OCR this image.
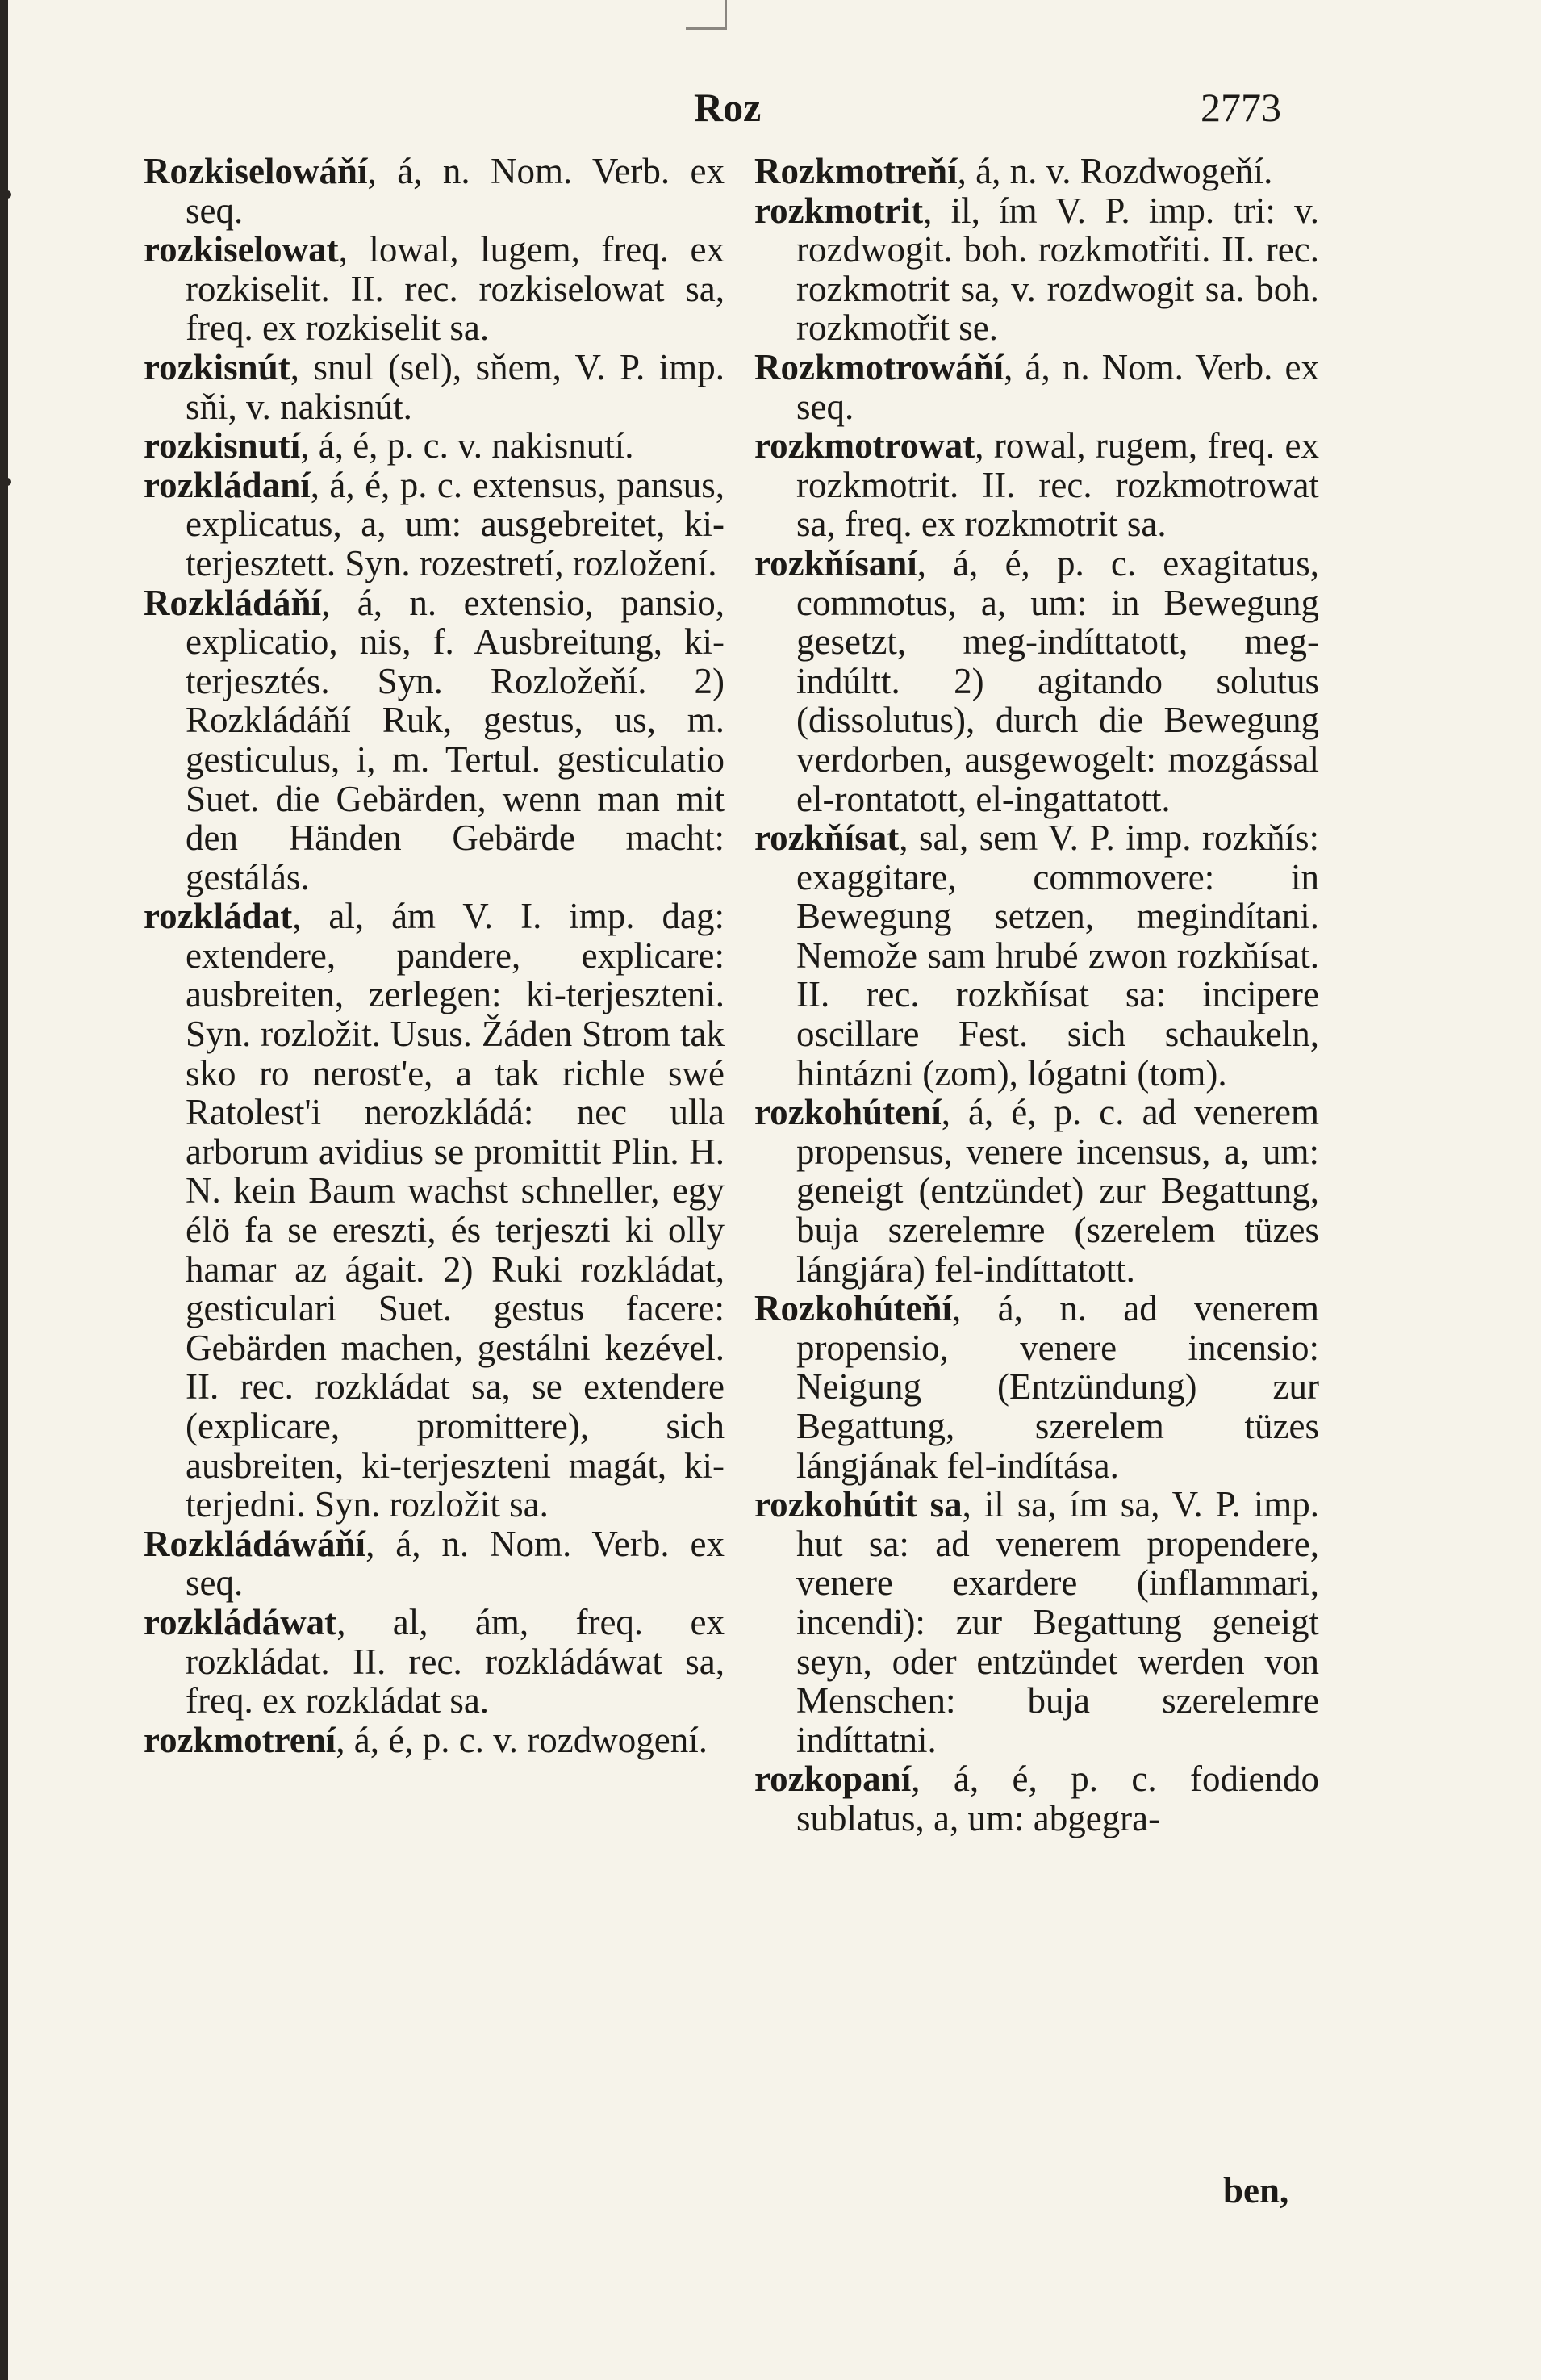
Roz	2773

Rozkiselowáňí, á, n. Nom. Verb. ex seq.

rozkiselowat, lowal, lugem, freq. ex rozkiselit. II. rec. rozkiselowat sa, freq. ex rozkiselit sa.

rozkisnút, snul (sel), sňem, V. P. imp. sňi, v. nakisnút.

rozkisnutí, á, é, p. c. v. nakisnutí.

rozkládaní, á, é, p. c. extensus, pansus, explicatus, a, um: ausgebreitet, ki-terjesztett. Syn. rozestretí, rozložení.

Rozkládáňí, á, n. extensio, pansio, explicatio, nis, f. Ausbreitung, ki-terjesztés. Syn. Rozložeňí. 2) Rozkládáňí Ruk, gestus, us, m. gesticulus, i, m. Tertul. gesticulatio Suet. die Gebärden, wenn man mit den Händen Gebärde macht: gestálás.

rozkládat, al, ám V. I. imp. dag: extendere, pandere, explicare: ausbreiten, zerlegen: ki-terjeszteni. Syn. rozložit. Usus. Žáden Strom tak sko ro nerost'e, a tak richle swé Ratolest'i nerozkládá: nec ulla arborum avidius se promittit Plin. H. N. kein Baum wachst schneller, egy élö fa se ereszti, és terjeszti ki olly hamar az ágait. 2) Ruki rozkládat, gesticulari Suet. gestus facere: Gebärden machen, gestálni kezével. II. rec. rozkládat sa, se extendere (explicare, promittere), sich ausbreiten, ki-terjeszteni magát, ki-terjedni. Syn. rozložit sa.

Rozkládáwáňí, á, n. Nom. Verb. ex seq.

rozkládáwat, al, ám, freq. ex rozkládat. II. rec. rozkládáwat sa, freq. ex rozkládat sa.

rozkmotrení, á, é, p. c. v. rozdwogení.

Rozkmotreňí, á, n. v. Rozdwogeňí.

rozkmotrit, il, ím V. P. imp. tri: v. rozdwogit. boh. rozkmotřiti. II. rec. rozkmotrit sa, v. rozdwogit sa. boh. rozkmotřit se.

Rozkmotrowáňí, á, n. Nom. Verb. ex seq.

rozkmotrowat, rowal, rugem, freq. ex rozkmotrit. II. rec. rozkmotrowat sa, freq. ex rozkmotrit sa.

rozkňísaní, á, é, p. c. exagitatus, commotus, a, um: in Bewegung gesetzt, meg-indíttatott, meg-indúltt. 2) agitando solutus (dissolutus), durch die Bewegung verdorben, ausgewogelt: mozgással el-rontatott, el-ingattatott.

rozkňísat, sal, sem V. P. imp. rozkňís: exaggitare, commovere: in Bewegung setzen, megindítani. Nemože sam hrubé zwon rozkňísat. II. rec. rozkňísat sa: incipere oscillare Fest. sich schaukeln, hintázni (zom), lógatni (tom).

rozkohútení, á, é, p. c. ad venerem propensus, venere incensus, a, um: geneigt (entzündet) zur Begattung, buja szerelemre (szerelem tüzes lángjára) fel-indíttatott.

Rozkohúteňí, á, n. ad venerem propensio, venere incensio: Neigung (Entzündung) zur Begattung, szerelem tüzes lángjának fel-indítása.

rozkohútit sa, il sa, ím sa, V. P. imp. hut sa: ad venerem propendere, venere exardere (inflammari, incendi): zur Begattung geneigt seyn, oder entzündet werden von Menschen: buja szerelemre indíttatni.

rozkopaní, á, é, p. c. fodiendo sublatus, a, um: abgegra-

ben,
